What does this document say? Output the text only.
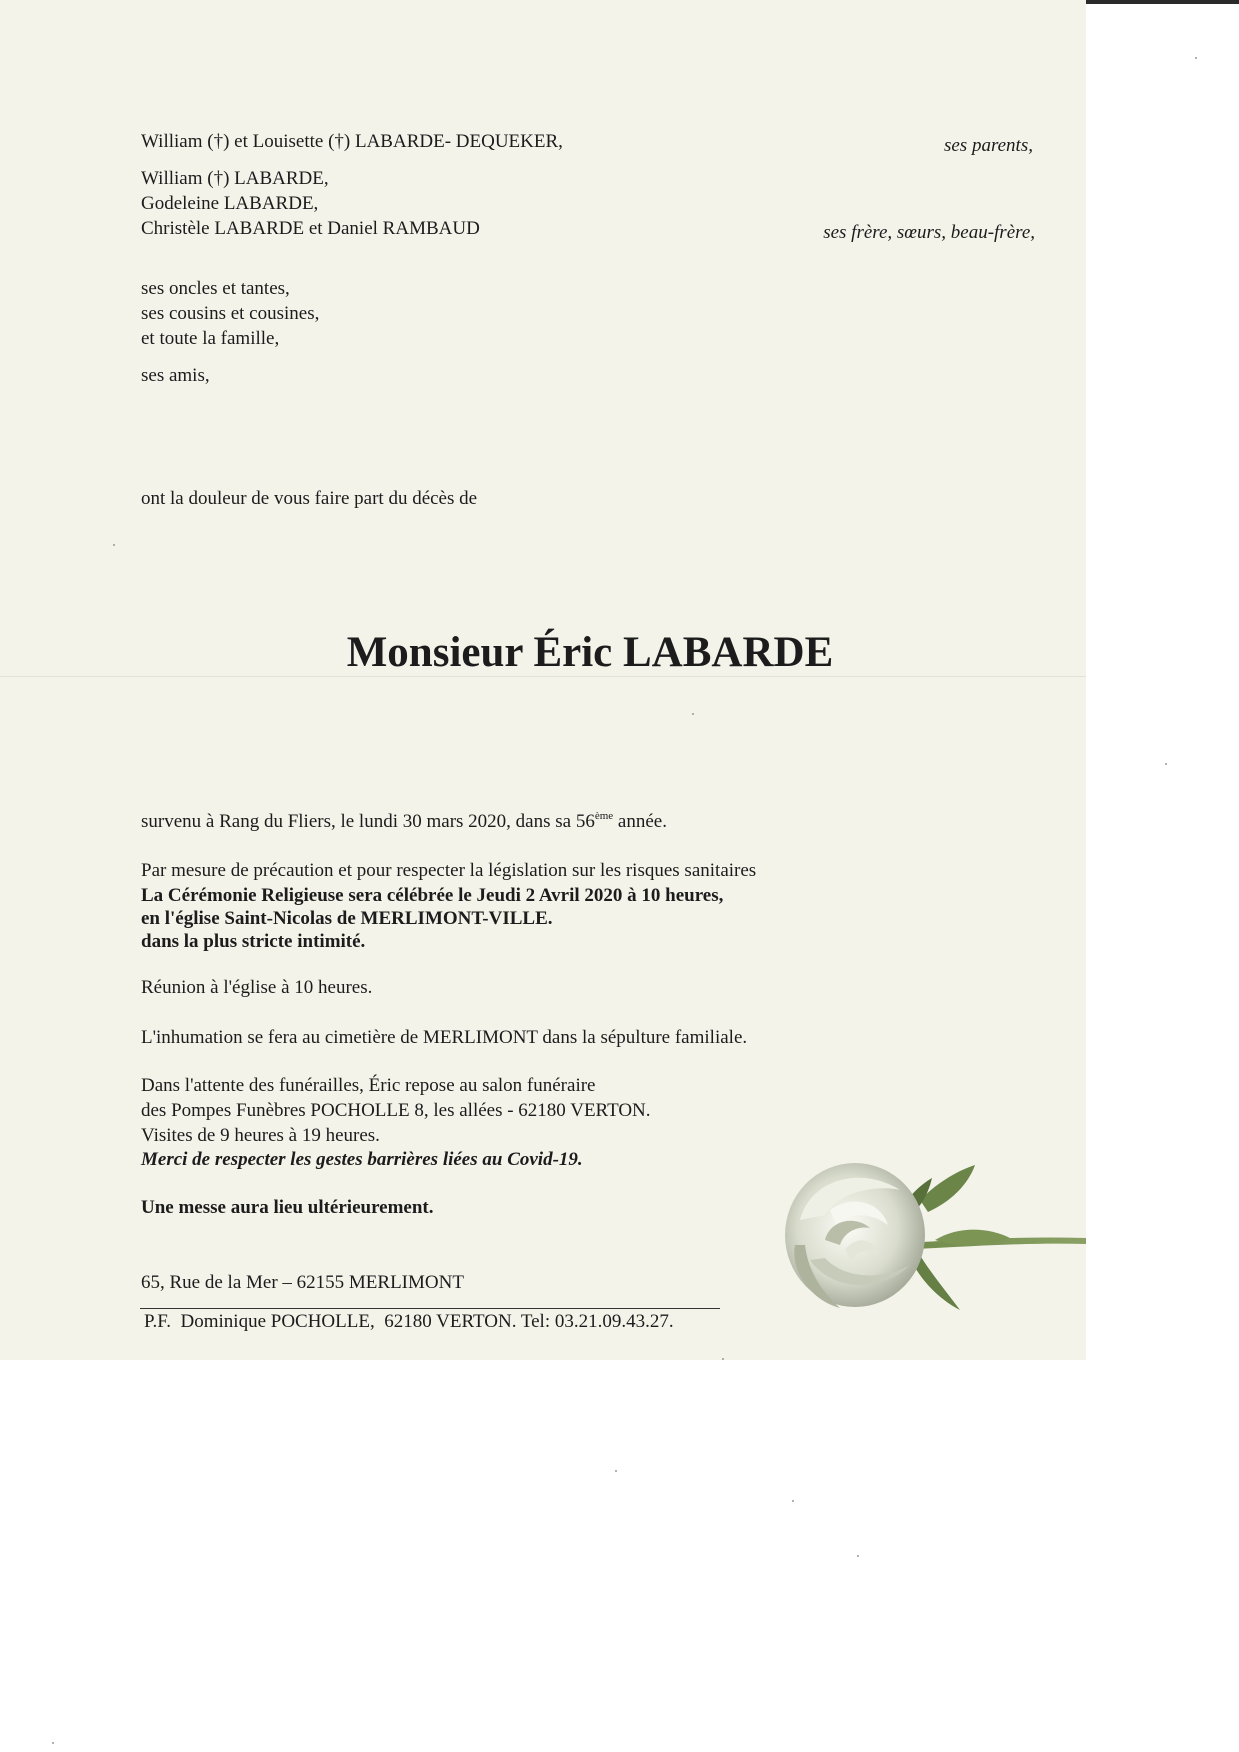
William (†) et Louisette (†) LABARDE- DEQUEKER,	ses parents,
William (†) LABARDE,
Godeleine LABARDE,
Christèle LABARDE et Daniel RAMBAUD	ses frère, sœurs, beau-frère,
ses oncles et tantes,
ses cousins et cousines,
et toute la famille,
ses amis,
ont la douleur de vous faire part du décès de
Monsieur Éric LABARDE
survenu à Rang du Fliers, le lundi 30 mars 2020, dans sa 56ème année.
Par mesure de précaution et pour respecter la législation sur les risques sanitaires
La Cérémonie Religieuse sera célébrée le Jeudi 2 Avril 2020 à 10 heures,
en l'église Saint-Nicolas de MERLIMONT-VILLE.
dans la plus stricte intimité.
Réunion à l'église à 10 heures.
L'inhumation se fera au cimetière de MERLIMONT dans la sépulture familiale.
Dans l'attente des funérailles, Éric repose au salon funéraire
des Pompes Funèbres POCHOLLE 8, les allées - 62180 VERTON.
Visites de 9 heures à 19 heures.
Merci de respecter les gestes barrières liées au Covid-19.
Une messe aura lieu ultérieurement.
65, Rue de la Mer – 62155 MERLIMONT
P.F.  Dominique POCHOLLE,  62180 VERTON. Tel: 03.21.09.43.27.
